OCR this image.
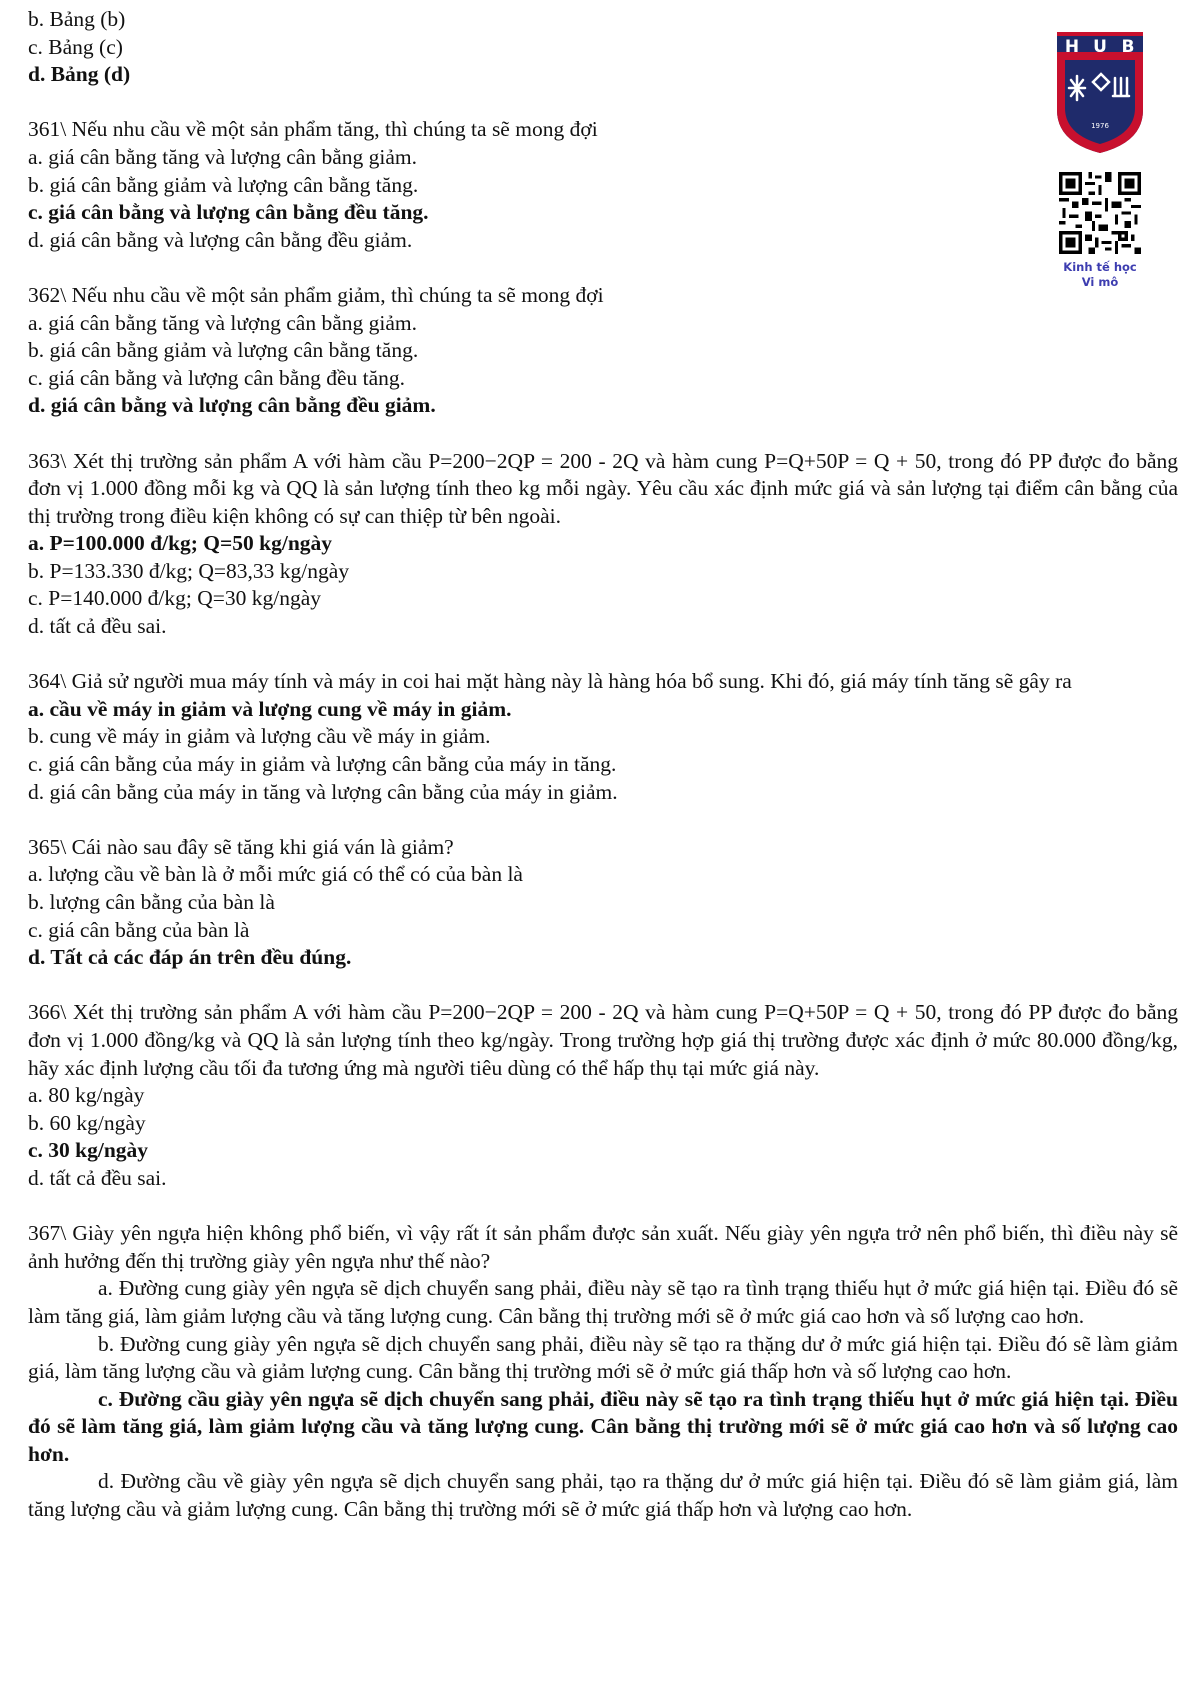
b. Bảng (b)
c. Bảng (c)
d. Bảng (d)
361\ Nếu nhu cầu về một sản phẩm tăng, thì chúng ta sẽ mong đợi
a. giá cân bằng tăng và lượng cân bằng giảm.
b. giá cân bằng giảm và lượng cân bằng tăng.
c. giá cân bằng và lượng cân bằng đều tăng.
d. giá cân bằng và lượng cân bằng đều giảm.
362\ Nếu nhu cầu về một sản phẩm giảm, thì chúng ta sẽ mong đợi
a. giá cân bằng tăng và lượng cân bằng giảm.
b. giá cân bằng giảm và lượng cân bằng tăng.
c. giá cân bằng và lượng cân bằng đều tăng.
d. giá cân bằng và lượng cân bằng đều giảm.
363\ Xét thị trường sản phẩm A với hàm cầu P=200−2QP = 200 - 2Q và hàm cung P=Q+50P = Q + 50, trong đó PP được đo bằng đơn vị 1.000 đồng mỗi kg và QQ là sản lượng tính theo kg mỗi ngày. Yêu cầu xác định mức giá và sản lượng tại điểm cân bằng của thị trường trong điều kiện không có sự can thiệp từ bên ngoài.
a. P=100.000 đ/kg; Q=50 kg/ngày
b. P=133.330 đ/kg; Q=83,33 kg/ngày
c. P=140.000 đ/kg; Q=30 kg/ngày
d. tất cả đều sai.
364\ Giả sử người mua máy tính và máy in coi hai mặt hàng này là hàng hóa bổ sung. Khi đó, giá máy tính tăng sẽ gây ra
a. cầu về máy in giảm và lượng cung về máy in giảm.
b. cung về máy in giảm và lượng cầu về máy in giảm.
c. giá cân bằng của máy in giảm và lượng cân bằng của máy in tăng.
d. giá cân bằng của máy in tăng và lượng cân bằng của máy in giảm.
365\ Cái nào sau đây sẽ tăng khi giá ván là giảm?
a. lượng cầu về bàn là ở mỗi mức giá có thể có của bàn là
b. lượng cân bằng của bàn là
c. giá cân bằng của bàn là
d. Tất cả các đáp án trên đều đúng.
366\ Xét thị trường sản phẩm A với hàm cầu P=200−2QP = 200 - 2Q và hàm cung P=Q+50P = Q + 50, trong đó PP được đo bằng đơn vị 1.000 đồng/kg và QQ là sản lượng tính theo kg/ngày. Trong trường hợp giá thị trường được xác định ở mức 80.000 đồng/kg, hãy xác định lượng cầu tối đa tương ứng mà người tiêu dùng có thể hấp thụ tại mức giá này.
a. 80 kg/ngày
b. 60 kg/ngày
c. 30 kg/ngày
d. tất cả đều sai.
367\ Giày yên ngựa hiện không phổ biến, vì vậy rất ít sản phẩm được sản xuất. Nếu giày yên ngựa trở nên phổ biến, thì điều này sẽ ảnh hưởng đến thị trường giày yên ngựa như thế nào?
a. Đường cung giày yên ngựa sẽ dịch chuyển sang phải, điều này sẽ tạo ra tình trạng thiếu hụt ở mức giá hiện tại. Điều đó sẽ làm tăng giá, làm giảm lượng cầu và tăng lượng cung. Cân bằng thị trường mới sẽ ở mức giá cao hơn và số lượng cao hơn.
b. Đường cung giày yên ngựa sẽ dịch chuyển sang phải, điều này sẽ tạo ra thặng dư ở mức giá hiện tại. Điều đó sẽ làm giảm giá, làm tăng lượng cầu và giảm lượng cung. Cân bằng thị trường mới sẽ ở mức giá thấp hơn và số lượng cao hơn.
c. Đường cầu giày yên ngựa sẽ dịch chuyển sang phải, điều này sẽ tạo ra tình trạng thiếu hụt ở mức giá hiện tại. Điều đó sẽ làm tăng giá, làm giảm lượng cầu và tăng lượng cung. Cân bằng thị trường mới sẽ ở mức giá cao hơn và số lượng cao hơn.
d. Đường cầu về giày yên ngựa sẽ dịch chuyển sang phải, tạo ra thặng dư ở mức giá hiện tại. Điều đó sẽ làm giảm giá, làm tăng lượng cầu và giảm lượng cung. Cân bằng thị trường mới sẽ ở mức giá thấp hơn và lượng cao hơn.
H U B
1976
Kinh tế học
Vi mô
